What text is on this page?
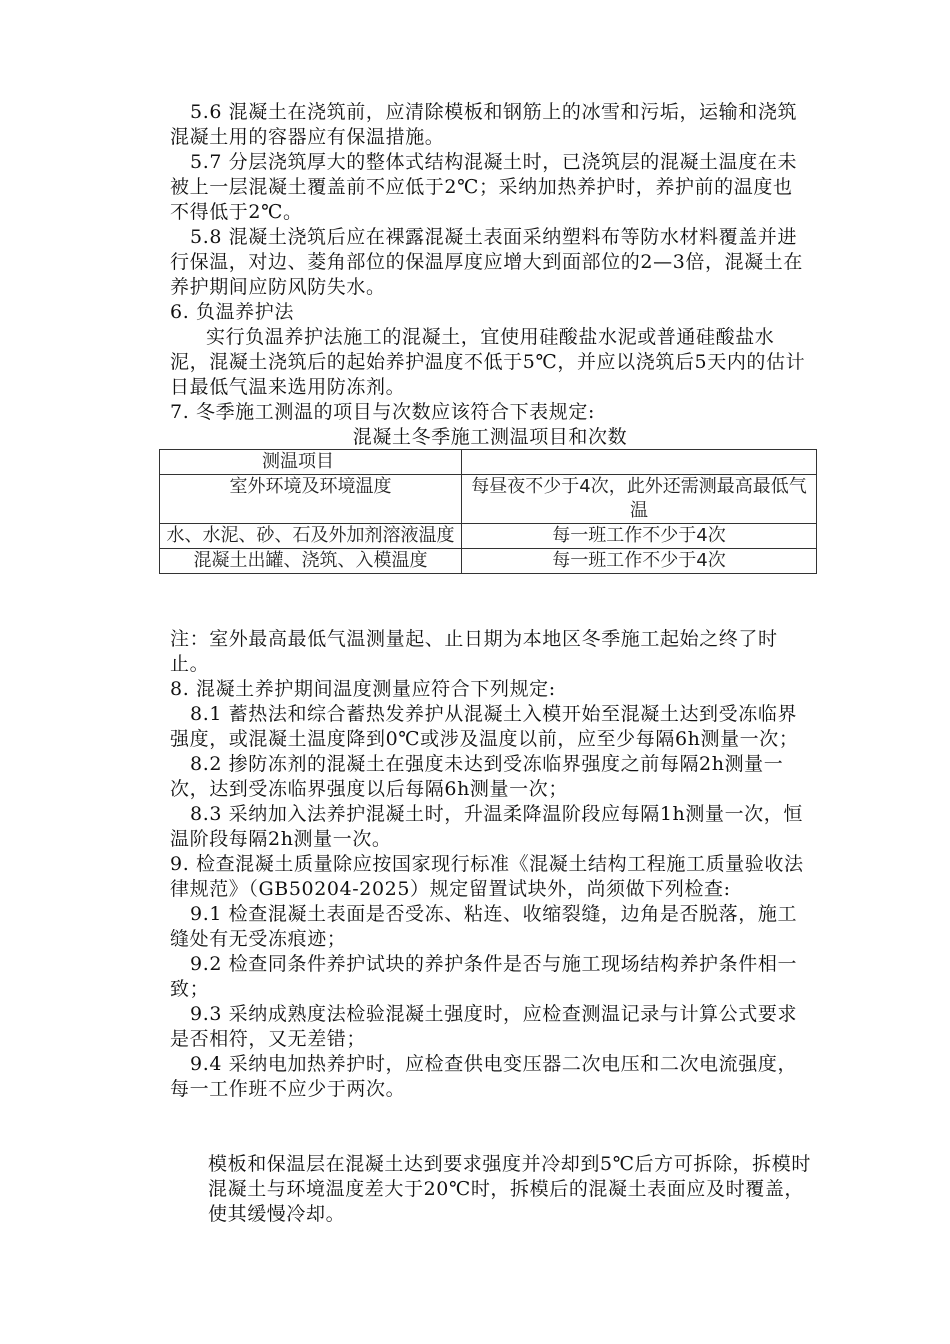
5.6 混凝土在浇筑前，应清除模板和钢筋上的冰雪和污垢，运输和浇筑混凝土用的容器应有保温措施。

5.7 分层浇筑厚大的整体式结构混凝土时，已浇筑层的混凝土温度在未被上一层混凝土覆盖前不应低于2℃；采纳加热养护时，养护前的温度也不得低于2℃。

5.8 混凝土浇筑后应在裸露混凝土表面采纳塑料布等防水材料覆盖并进行保温，对边、菱角部位的保温厚度应增大到面部位的2—3倍，混凝土在养护期间应防风防失水。

6. 负温养护法

实行负温养护法施工的混凝土，宜使用硅酸盐水泥或普通硅酸盐水泥，混凝土浇筑后的起始养护温度不低于5℃，并应以浇筑后5天内的估计日最低气温来选用防冻剂。

7. 冬季施工测温的项目与次数应该符合下表规定:

混凝土冬季施工测温项目和次数
测温项目	
室外环境及环境温度	每昼夜不少于4次，此外还需测最高最低气温
水、水泥、砂、石及外加剂溶液温度	每一班工作不少于4次
混凝土出罐、浇筑、入模温度	每一班工作不少于4次

注：室外最高最低气温测量起、止日期为本地区冬季施工起始之终了时止。

8. 混凝土养护期间温度测量应符合下列规定:

8.1 蓄热法和综合蓄热发养护从混凝土入模开始至混凝土达到受冻临界强度，或混凝土温度降到0℃或涉及温度以前，应至少每隔6h测量一次；

8.2 掺防冻剂的混凝土在强度未达到受冻临界强度之前每隔2h测量一次，达到受冻临界强度以后每隔6h测量一次；

8.3 采纳加入法养护混凝土时，升温柔降温阶段应每隔1h测量一次，恒温阶段每隔2h测量一次。

9. 检查混凝土质量除应按国家现行标准《混凝土结构工程施工质量验收法律规范》（GB50204-2025）规定留置试块外，尚须做下列检查:

9.1 检查混凝土表面是否受冻、粘连、收缩裂缝，边角是否脱落，施工缝处有无受冻痕迹；

9.2 检查同条件养护试块的养护条件是否与施工现场结构养护条件相一致；

9.3 采纳成熟度法检验混凝土强度时，应检查测温记录与计算公式要求是否相符，又无差错；

9.4 采纳电加热养护时，应检查供电变压器二次电压和二次电流强度，每一工作班不应少于两次。

模板和保温层在混凝土达到要求强度并冷却到5℃后方可拆除，拆模时混凝土与环境温度差大于20℃时，拆模后的混凝土表面应及时覆盖，使其缓慢冷却。
